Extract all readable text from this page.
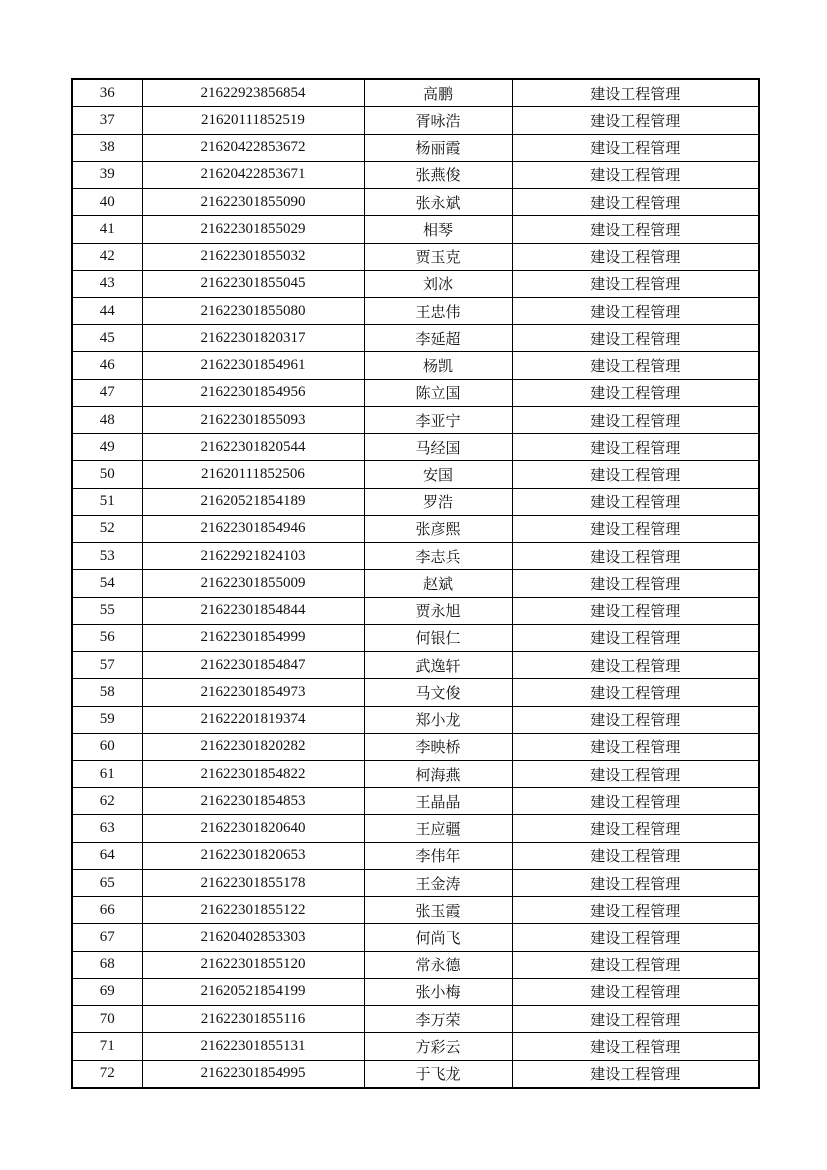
36	21622923856854	高鹏	建设工程管理
37	21620111852519	胥咏浩	建设工程管理
38	21620422853672	杨丽霞	建设工程管理
39	21620422853671	张燕俊	建设工程管理
40	21622301855090	张永斌	建设工程管理
41	21622301855029	相琴	建设工程管理
42	21622301855032	贾玉克	建设工程管理
43	21622301855045	刘冰	建设工程管理
44	21622301855080	王忠伟	建设工程管理
45	21622301820317	李延超	建设工程管理
46	21622301854961	杨凯	建设工程管理
47	21622301854956	陈立国	建设工程管理
48	21622301855093	李亚宁	建设工程管理
49	21622301820544	马经国	建设工程管理
50	21620111852506	安国	建设工程管理
51	21620521854189	罗浩	建设工程管理
52	21622301854946	张彦熙	建设工程管理
53	21622921824103	李志兵	建设工程管理
54	21622301855009	赵斌	建设工程管理
55	21622301854844	贾永旭	建设工程管理
56	21622301854999	何银仁	建设工程管理
57	21622301854847	武逸轩	建设工程管理
58	21622301854973	马文俊	建设工程管理
59	21622201819374	郑小龙	建设工程管理
60	21622301820282	李映桥	建设工程管理
61	21622301854822	柯海燕	建设工程管理
62	21622301854853	王晶晶	建设工程管理
63	21622301820640	王应疆	建设工程管理
64	21622301820653	李伟年	建设工程管理
65	21622301855178	王金涛	建设工程管理
66	21622301855122	张玉霞	建设工程管理
67	21620402853303	何尚飞	建设工程管理
68	21622301855120	常永德	建设工程管理
69	21620521854199	张小梅	建设工程管理
70	21622301855116	李万荣	建设工程管理
71	21622301855131	方彩云	建设工程管理
72	21622301854995	于飞龙	建设工程管理
